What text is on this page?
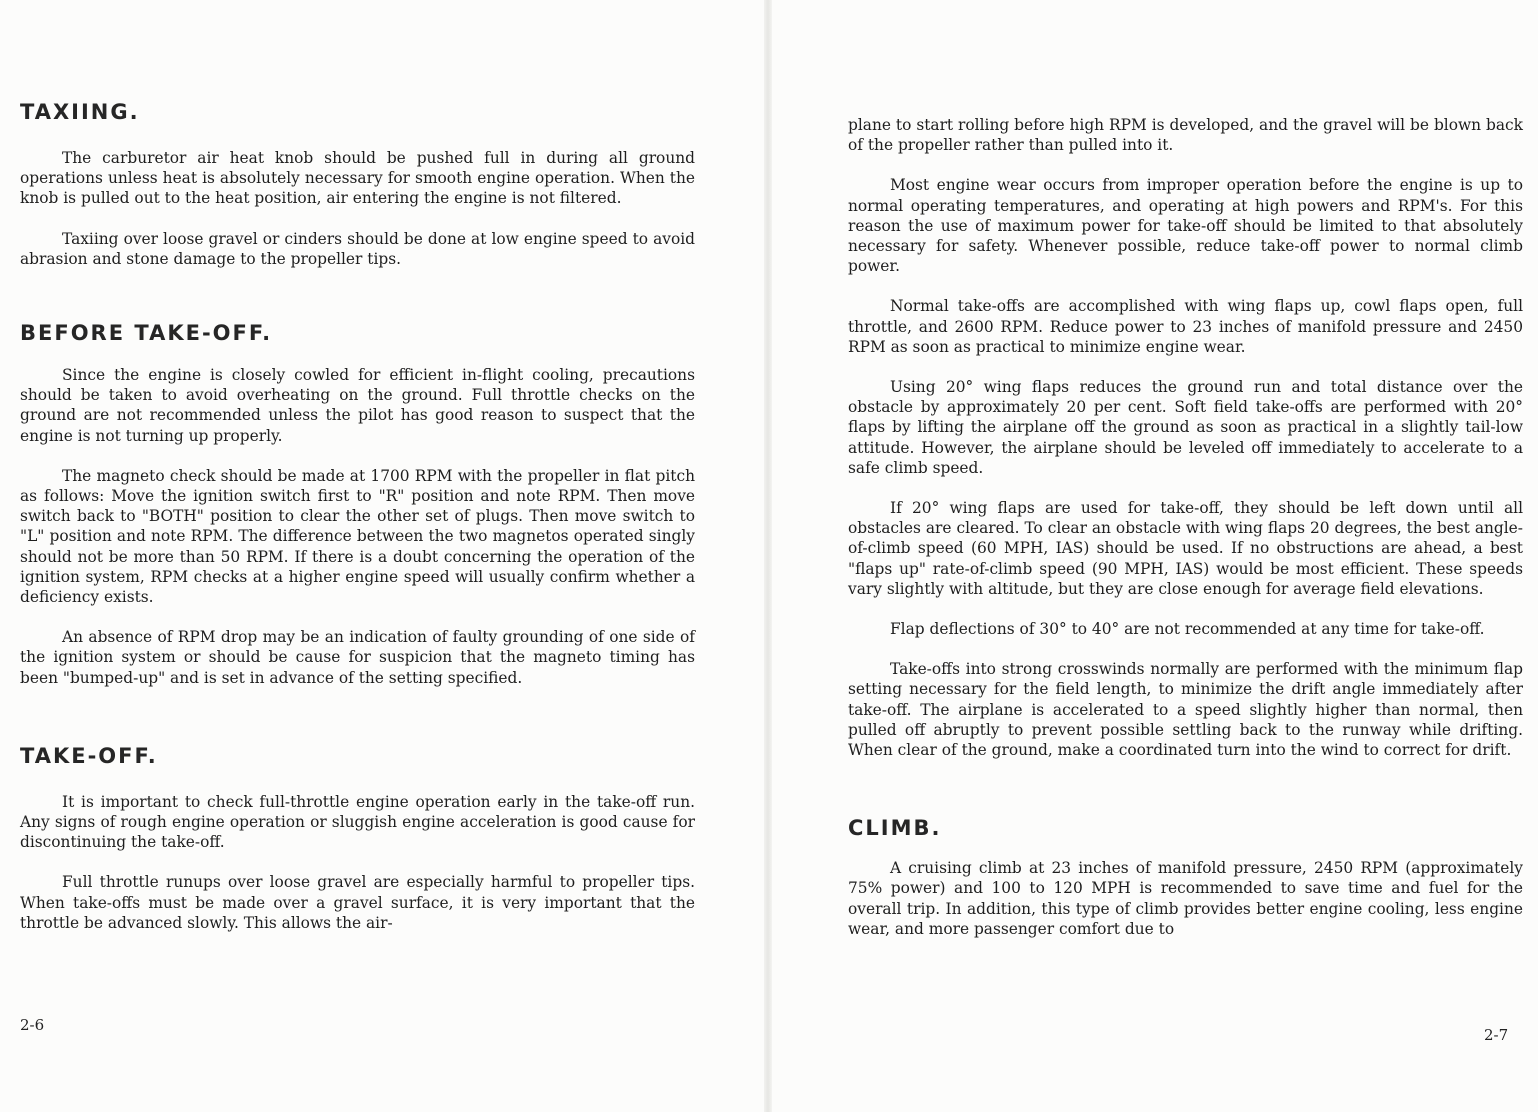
TAXIING.

The carburetor air heat knob should be pushed full in during all ground operations unless heat is absolutely necessary for smooth engine operation. When the knob is pulled out to the heat position, air entering the engine is not filtered.

Taxiing over loose gravel or cinders should be done at low engine speed to avoid abrasion and stone damage to the propeller tips.

BEFORE TAKE-OFF.

Since the engine is closely cowled for efficient in-flight cooling, precautions should be taken to avoid overheating on the ground. Full throttle checks on the ground are not recommended unless the pilot has good reason to suspect that the engine is not turning up properly.

The magneto check should be made at 1700 RPM with the propeller in flat pitch as follows: Move the ignition switch first to "R" position and note RPM. Then move switch back to "BOTH" position to clear the other set of plugs. Then move switch to "L" position and note RPM. The difference between the two magnetos operated singly should not be more than 50 RPM. If there is a doubt concerning the operation of the ignition system, RPM checks at a higher engine speed will usually confirm whether a deficiency exists.

An absence of RPM drop may be an indication of faulty grounding of one side of the ignition system or should be cause for suspicion that the magneto timing has been "bumped-up" and is set in advance of the setting specified.

TAKE-OFF.

It is important to check full-throttle engine operation early in the take-off run. Any signs of rough engine operation or sluggish engine acceleration is good cause for discontinuing the take-off.

Full throttle runups over loose gravel are especially harmful to propeller tips. When take-offs must be made over a gravel surface, it is very important that the throttle be advanced slowly. This allows the air-

2-6

plane to start rolling before high RPM is developed, and the gravel will be blown back of the propeller rather than pulled into it.

Most engine wear occurs from improper operation before the engine is up to normal operating temperatures, and operating at high powers and RPM's. For this reason the use of maximum power for take-off should be limited to that absolutely necessary for safety. Whenever possible, reduce take-off power to normal climb power.

Normal take-offs are accomplished with wing flaps up, cowl flaps open, full throttle, and 2600 RPM. Reduce power to 23 inches of manifold pressure and 2450 RPM as soon as practical to minimize engine wear.

Using 20° wing flaps reduces the ground run and total distance over the obstacle by approximately 20 per cent. Soft field take-offs are performed with 20° flaps by lifting the airplane off the ground as soon as practical in a slightly tail-low attitude. However, the airplane should be leveled off immediately to accelerate to a safe climb speed.

If 20° wing flaps are used for take-off, they should be left down until all obstacles are cleared. To clear an obstacle with wing flaps 20 degrees, the best angle-of-climb speed (60 MPH, IAS) should be used. If no obstructions are ahead, a best "flaps up" rate-of-climb speed (90 MPH, IAS) would be most efficient. These speeds vary slightly with altitude, but they are close enough for average field elevations.

Flap deflections of 30° to 40° are not recommended at any time for take-off.

Take-offs into strong crosswinds normally are performed with the minimum flap setting necessary for the field length, to minimize the drift angle immediately after take-off. The airplane is accelerated to a speed slightly higher than normal, then pulled off abruptly to prevent possible settling back to the runway while drifting. When clear of the ground, make a coordinated turn into the wind to correct for drift.

CLIMB.

A cruising climb at 23 inches of manifold pressure, 2450 RPM (approximately 75% power) and 100 to 120 MPH is recommended to save time and fuel for the overall trip. In addition, this type of climb provides better engine cooling, less engine wear, and more passenger comfort due to

2-7
